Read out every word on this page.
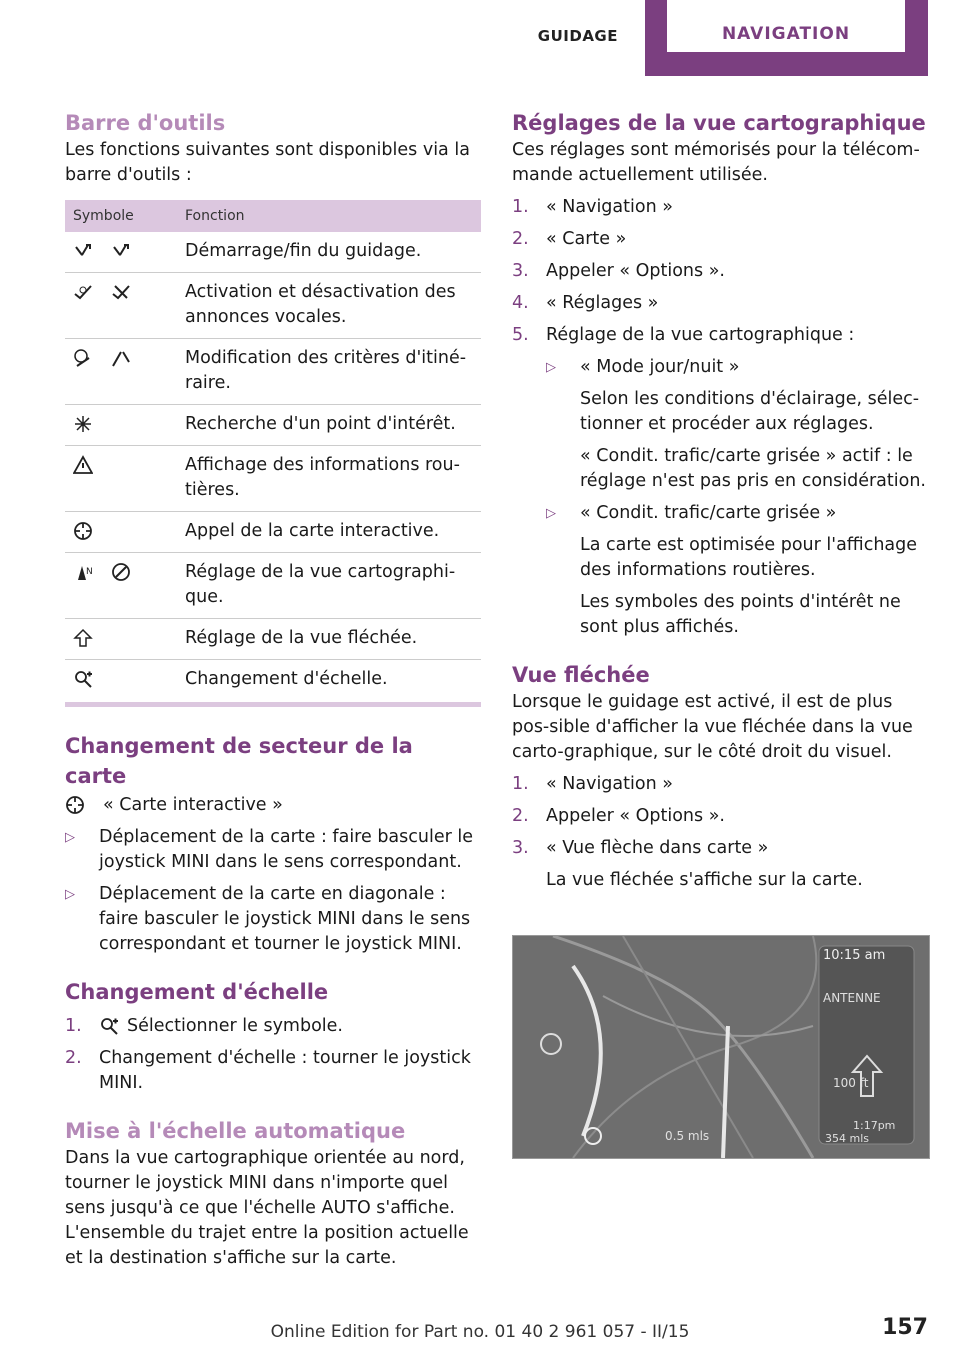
GUIDAGE	NAVIGATION
Barre d'outils

Les fonctions suivantes sont disponibles via la barre d'outils :

Symbole	Fonction
	Démarrage/fin du guidage.
	Activation et désactivation des annonces vocales.
	Modification des critères d'itiné-raire.
	Recherche d'un point d'intérêt.
	Affichage des informations rou-tières.
	Appel de la carte interactive.

N	Réglage de la vue cartographi-que.
	Réglage de la vue fléchée.
	Changement d'échelle.
Changement de secteur de la carte

« Carte interactive »

▷ Déplacement de la carte : faire basculer le joystick MINI dans le sens correspondant.
▷ Déplacement de la carte en diagonale : faire basculer le joystick MINI dans le sens correspondant et tourner le joystick MINI.
Changement d'échelle
1.	Sélectionner le symbole.
2. Changement d'échelle : tourner le joystick MINI.
Mise à l'échelle automatique

Dans la vue cartographique orientée au nord, tourner le joystick MINI dans n'importe quel sens jusqu'à ce que l'échelle AUTO s'affiche. L'ensemble du trajet entre la position actuelle et la destination s'affiche sur la carte.

Réglages de la vue cartographique

Ces réglages sont mémorisés pour la télécom-mande actuellement utilisée.

1. « Navigation »
2. « Carte »
3. Appeler « Options ».
4. « Réglages »
5. Réglage de la vue cartographique :
▷ « Mode jour/nuit »
Selon les conditions d'éclairage, sélec-tionner et procéder aux réglages.
« Condit. trafic/carte grisée » actif : le réglage n'est pas pris en considération.
▷ « Condit. trafic/carte grisée »
La carte est optimisée pour l'affichage des informations routières.
Les symboles des points d'intérêt ne sont plus affichés.
Vue fléchée

Lorsque le guidage est activé, il est de plus pos-sible d'afficher la vue fléchée dans la vue carto-graphique, sur le côté droit du visuel.

1. « Navigation »
2. Appeler « Options ».
3. « Vue flèche dans carte »
La vue fléchée s'affiche sur la carte.
10:15 am
ANTENNE
100 ft
1:17pm
354 mls
0.5 mls
Online Edition for Part no. 01 40 2 961 057 - II/15	157
